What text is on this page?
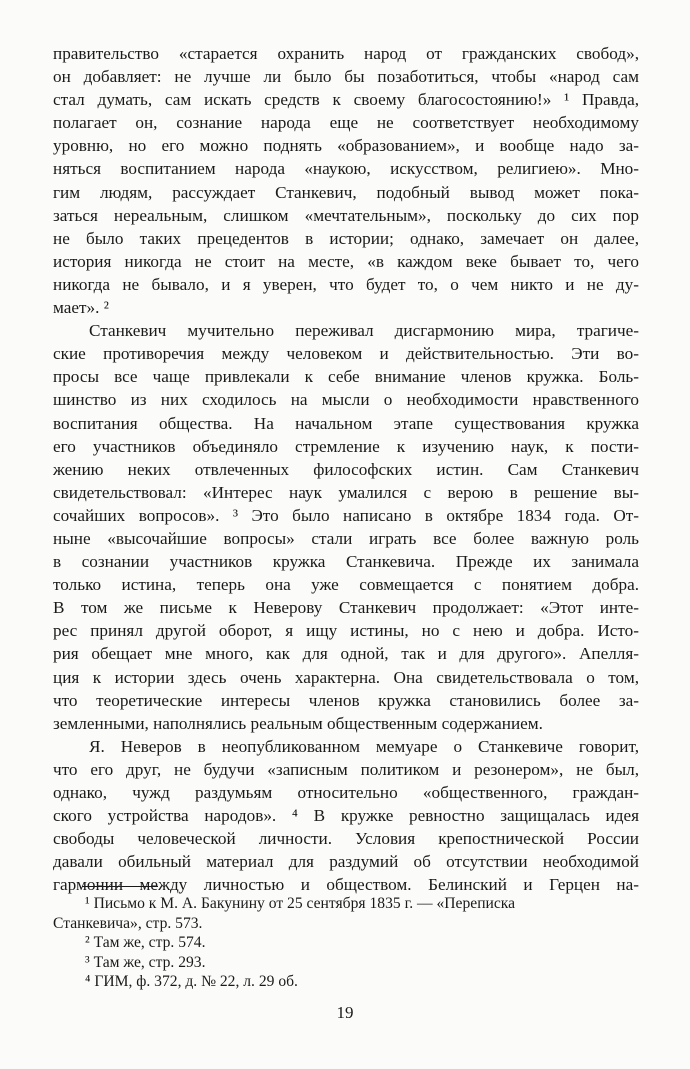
правительство «старается охранить народ от гражданских свобод»,
он добавляет: не лучше ли было бы позаботиться, чтобы «народ сам
стал думать, сам искать средств к своему благосостоянию!» ¹ Правда,
полагает он, сознание народа еще не соответствует необходимому
уровню, но его можно поднять «образованием», и вообще надо за-
няться воспитанием народа «наукою, искусством, религиею». Мно-
гим людям, рассуждает Станкевич, подобный вывод может пока-
заться нереальным, слишком «мечтательным», поскольку до сих пор
не было таких прецедентов в истории; однако, замечает он далее,
история никогда не стоит на месте, «в каждом веке бывает то, чего
никогда не бывало, и я уверен, что будет то, о чем никто и не ду-
мает». ²
Станкевич мучительно переживал дисгармонию мира, трагиче-
ские противоречия между человеком и действительностью. Эти во-
просы все чаще привлекали к себе внимание членов кружка. Боль-
шинство из них сходилось на мысли о необходимости нравственного
воспитания общества. На начальном этапе существования кружка
его участников объединяло стремление к изучению наук, к пости-
жению неких отвлеченных философских истин. Сам Станкевич
свидетельствовал: «Интерес наук умалился с верою в решение вы-
сочайших вопросов». ³ Это было написано в октябре 1834 года. От-
ныне «высочайшие вопросы» стали играть все более важную роль
в сознании участников кружка Станкевича. Прежде их занимала
только истина, теперь она уже совмещается с понятием добра.
В том же письме к Неверову Станкевич продолжает: «Этот инте-
рес принял другой оборот, я ищу истины, но с нею и добра. Исто-
рия обещает мне много, как для одной, так и для другого». Апелля-
ция к истории здесь очень характерна. Она свидетельствовала о том,
что теоретические интересы членов кружка становились более за-
земленными, наполнялись реальным общественным содержанием.
Я. Неверов в неопубликованном мемуаре о Станкевиче говорит,
что его друг, не будучи «записным политиком и резонером», не был,
однако, чужд раздумьям относительно «общественного, граждан-
ского устройства народов». ⁴ В кружке ревностно защищалась идея
свободы человеческой личности. Условия крепостнической России
давали обильный материал для раздумий об отсутствии необходимой
гармонии между личностью и обществом. Белинский и Герцен на-
¹ Письмо к М. А. Бакунину от 25 сентября 1835 г. — «Переписка
Станкевича», стр. 573.
² Там же, стр. 574.
³ Там же, стр. 293.
⁴ ГИМ, ф. 372, д. № 22, л. 29 об.
19
